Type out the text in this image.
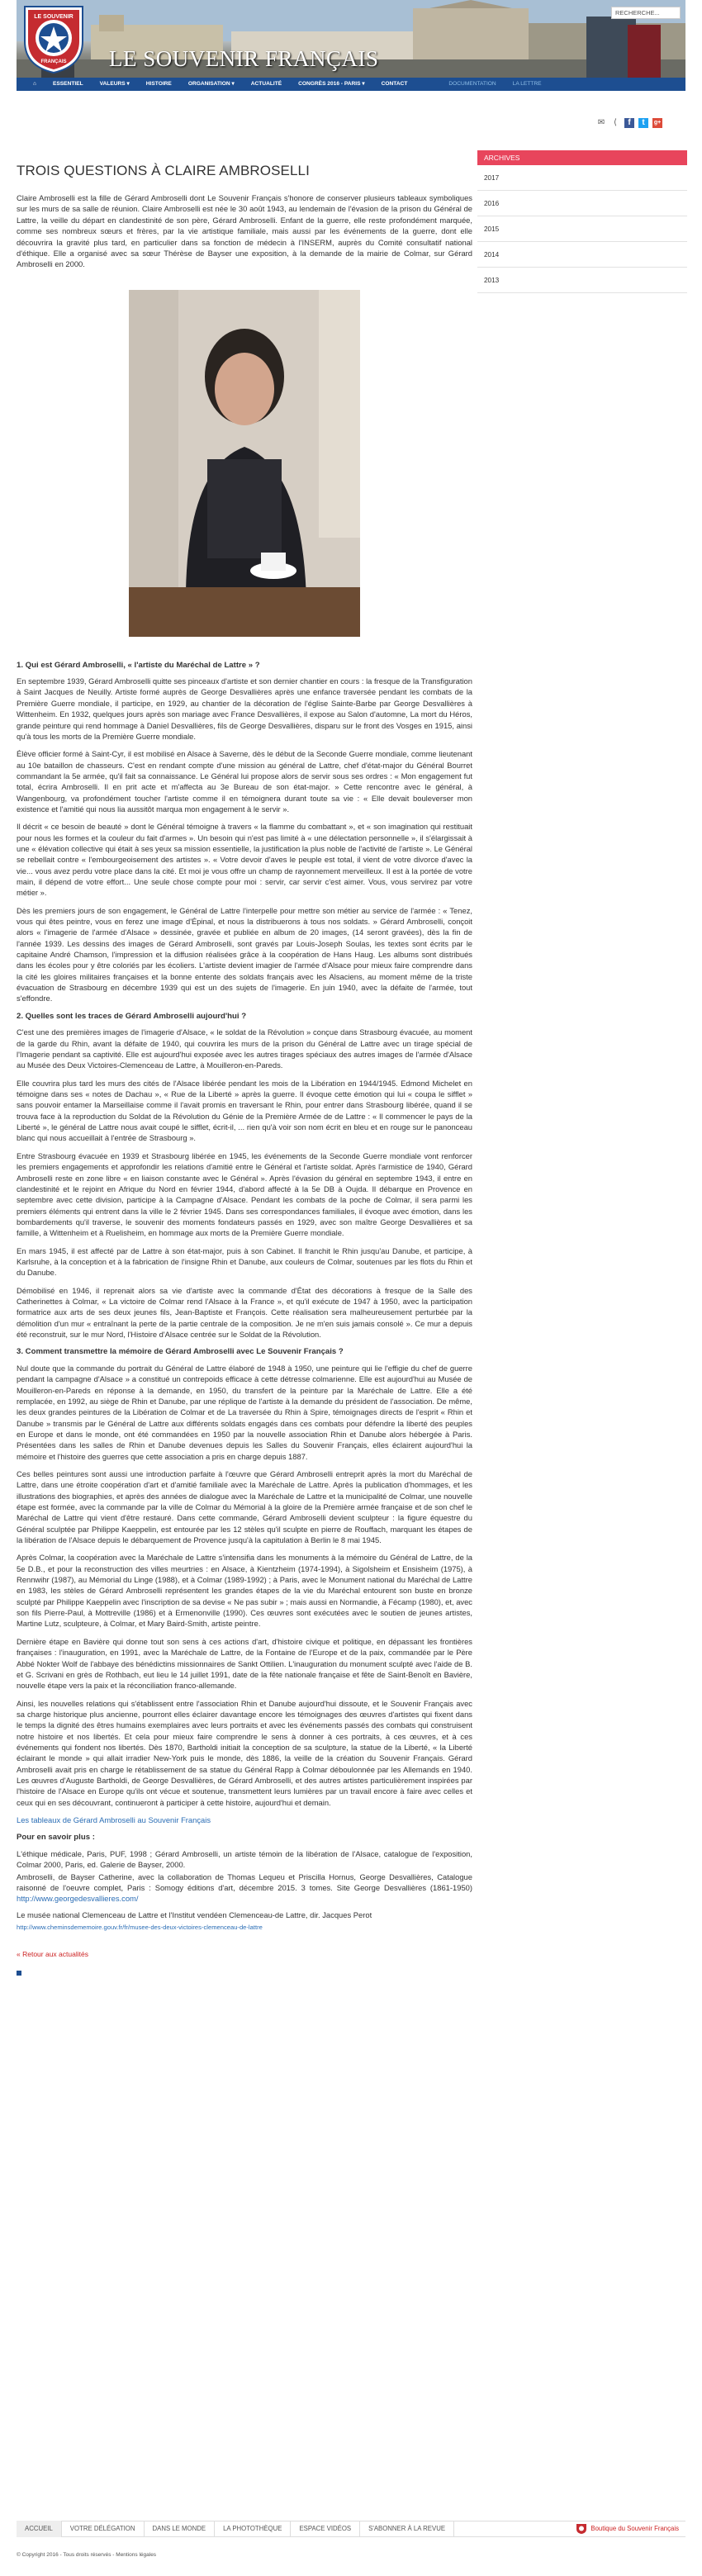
LE SOUVENIR
FRANÇAIS LE SOUVENIR FRANÇAIS
RECHERCHE...
⌂	ESSENTIEL	VALEURS ▾	HISTOIRE	ORGANISATION ▾	ACTUALITÉ	CONGRÈS 2016 - PARIS ▾	CONTACT	DOCUMENTATION	LA LETTRE
✉	⟨	f	t	g+
TROIS QUESTIONS À CLAIRE AMBROSELLI

Claire Ambroselli est la fille de Gérard Ambroselli dont Le Souvenir Français s'honore de conserver plusieurs tableaux symboliques sur les murs de sa salle de réunion. Claire Ambroselli est née le 30 août 1943, au lendemain de l'évasion de la prison du Général de Lattre, la veille du départ en clandestinité de son père, Gérard Ambroselli. Enfant de la guerre, elle reste profondément marquée, comme ses nombreux sœurs et frères, par la vie artistique familiale, mais aussi par les événements de la guerre, dont elle découvrira la gravité plus tard, en particulier dans sa fonction de médecin à l'INSERM, auprès du Comité consultatif national d'éthique. Elle a organisé avec sa sœur Thérèse de Bayser une exposition, à la demande de la mairie de Colmar, sur Gérard Ambroselli en 2000.

1. Qui est Gérard Ambroselli, « l'artiste du Maréchal de Lattre » ?

En septembre 1939, Gérard Ambroselli quitte ses pinceaux d'artiste et son dernier chantier en cours : la fresque de la Transfiguration à Saint Jacques de Neuilly. Artiste formé auprès de George Desvallières après une enfance traversée pendant les combats de la Première Guerre mondiale, il participe, en 1929, au chantier de la décoration de l'église Sainte-Barbe par George Desvallières à Wittenheim. En 1932, quelques jours après son mariage avec France Desvallières, il expose au Salon d'automne, La mort du Héros, grande peinture qui rend hommage à Daniel Desvallières, fils de George Desvallières, disparu sur le front des Vosges en 1915, ainsi qu'à tous les morts de la Première Guerre mondiale.

Élève officier formé à Saint-Cyr, il est mobilisé en Alsace à Saverne, dès le début de la Seconde Guerre mondiale, comme lieutenant au 10e bataillon de chasseurs. C'est en rendant compte d'une mission au général de Lattre, chef d'état-major du Général Bourret commandant la 5e armée, qu'il fait sa connaissance. Le Général lui propose alors de servir sous ses ordres : « Mon engagement fut total, écrira Ambroselli. Il en prit acte et m'affecta au 3e Bureau de son état-major. » Cette rencontre avec le général, à Wangenbourg, va profondément toucher l'artiste comme il en témoignera durant toute sa vie : « Elle devait bouleverser mon existence et l'amitié qui nous lia aussitôt marqua mon engagement à le servir ».

Il décrit « ce besoin de beauté » dont le Général témoigne à travers « la flamme du combattant », et « son imagination qui restituait pour nous les formes et la couleur du fait d'armes ». Un besoin qui n'est pas limité à « une délectation personnelle », il s'élargissait à une « élévation collective qui était à ses yeux sa mission essentielle, la justification la plus noble de l'activité de l'artiste ». Le Général se rebellait contre « l'embourgeoisement des artistes ». « Votre devoir d'aves le peuple est total, il vient de votre divorce d'avec la vie... vous avez perdu votre place dans la cité. Et moi je vous offre un champ de rayonnement merveilleux. Il est à la portée de votre main, il dépend de votre effort... Une seule chose compte pour moi : servir, car servir c'est aimer. Vous, vous servirez par votre métier ».

Dès les premiers jours de son engagement, le Général de Lattre l'interpelle pour mettre son métier au service de l'armée : « Tenez, vous qui êtes peintre, vous en ferez une image d'Épinal, et nous la distribuerons à tous nos soldats. » Gérard Ambroselli, conçoit alors « l'imagerie de l'armée d'Alsace » dessinée, gravée et publiée en album de 20 images, (14 seront gravées), dès la fin de l'année 1939. Les dessins des images de Gérard Ambroselli, sont gravés par Louis-Joseph Soulas, les textes sont écrits par le capitaine André Chamson, l'impression et la diffusion réalisées grâce à la coopération de Hans Haug. Les albums sont distribués dans les écoles pour y être coloriés par les écoliers. L'artiste devient imagier de l'armée d'Alsace pour mieux faire comprendre dans la cité les gloires militaires françaises et la bonne entente des soldats français avec les Alsaciens, au moment même de la triste évacuation de Strasbourg en décembre 1939 qui est un des sujets de l'imagerie. En juin 1940, avec la défaite de l'armée, tout s'effondre.

2. Quelles sont les traces de Gérard Ambroselli aujourd'hui ?

C'est une des premières images de l'imagerie d'Alsace, « le soldat de la Révolution » conçue dans Strasbourg évacuée, au moment de la garde du Rhin, avant la défaite de 1940, qui couvrira les murs de la prison du Général de Lattre avec un tirage spécial de l'Imagerie pendant sa captivité. Elle est aujourd'hui exposée avec les autres tirages spéciaux des autres images de l'armée d'Alsace au Musée des Deux Victoires-Clemenceau de Lattre, à Mouilleron-en-Pareds.

Elle couvrira plus tard les murs des cités de l'Alsace libérée pendant les mois de la Libération en 1944/1945. Edmond Michelet en témoigne dans ses « notes de Dachau », « Rue de la Liberté » après la guerre. Il évoque cette émotion qui lui « coupa le sifflet » sans pouvoir entamer la Marseillaise comme il l'avait promis en traversant le Rhin, pour entrer dans Strasbourg libérée, quand il se trouva face à la reproduction du Soldat de la Révolution du Génie de la Première Armée de de Lattre : « Il commencer le pays de la Liberté », le général de Lattre nous avait coupé le sifflet, écrit-il, ... rien qu'à voir son nom écrit en bleu et en rouge sur le panonceau blanc qui nous accueillait à l'entrée de Strasbourg ».

Entre Strasbourg évacuée en 1939 et Strasbourg libérée en 1945, les événements de la Seconde Guerre mondiale vont renforcer les premiers engagements et approfondir les relations d'amitié entre le Général et l'artiste soldat. Après l'armistice de 1940, Gérard Ambroselli reste en zone libre « en liaison constante avec le Général ». Après l'évasion du général en septembre 1943, il entre en clandestinité et le rejoint en Afrique du Nord en février 1944, d'abord affecté à la 5e DB à Oujda. Il débarque en Provence en septembre avec cette division, participe à la Campagne d'Alsace. Pendant les combats de la poche de Colmar, il sera parmi les premiers éléments qui entrent dans la ville le 2 février 1945. Dans ses correspondances familiales, il évoque avec émotion, dans les bombardements qu'il traverse, le souvenir des moments fondateurs passés en 1929, avec son maître George Desvallières et sa famille, à Wittenheim et à Ruelisheim, en hommage aux morts de la Première Guerre mondiale.

En mars 1945, il est affecté par de Lattre à son état-major, puis à son Cabinet. Il franchit le Rhin jusqu'au Danube, et participe, à Karlsruhe, à la conception et à la fabrication de l'insigne Rhin et Danube, aux couleurs de Colmar, soutenues par les flots du Rhin et du Danube.

Démobilisé en 1946, il reprenait alors sa vie d'artiste avec la commande d'État des décorations à fresque de la Salle des Catherinettes à Colmar, « La victoire de Colmar rend l'Alsace à la France », et qu'il exécute de 1947 à 1950, avec la participation formatrice aux arts de ses deux jeunes fils, Jean-Baptiste et François. Cette réalisation sera malheureusement perturbée par la démolition d'un mur « entraînant la perte de la partie centrale de la composition. Je ne m'en suis jamais consolé ». Ce mur a depuis été reconstruit, sur le mur Nord, l'Histoire d'Alsace centrée sur le Soldat de la Révolution.

3. Comment transmettre la mémoire de Gérard Ambroselli avec Le Souvenir Français ?

Nul doute que la commande du portrait du Général de Lattre élaboré de 1948 à 1950, une peinture qui lie l'effigie du chef de guerre pendant la campagne d'Alsace » a constitué un contrepoids efficace à cette détresse colmarienne. Elle est aujourd'hui au Musée de Mouilleron-en-Pareds en réponse à la demande, en 1950, du transfert de la peinture par la Maréchale de Lattre. Elle a été remplacée, en 1992, au siège de Rhin et Danube, par une réplique de l'artiste à la demande du président de l'association. De même, les deux grandes peintures de la Libération de Colmar et de La traversée du Rhin à Spire, témoignages directs de l'esprit « Rhin et Danube » transmis par le Général de Lattre aux différents soldats engagés dans ces combats pour défendre la liberté des peuples en Europe et dans le monde, ont été commandées en 1950 par la nouvelle association Rhin et Danube alors hébergée à Paris. Présentées dans les salles de Rhin et Danube devenues depuis les Salles du Souvenir Français, elles éclairent aujourd'hui la mémoire et l'histoire des guerres que cette association a pris en charge depuis 1887.

Ces belles peintures sont aussi une introduction parfaite à l'œuvre que Gérard Ambroselli entreprit après la mort du Maréchal de Lattre, dans une étroite coopération d'art et d'amitié familiale avec la Maréchale de Lattre. Après la publication d'hommages, et les illustrations des biographies, et après des années de dialogue avec la Maréchale de Lattre et la municipalité de Colmar, une nouvelle étape est formée, avec la commande par la ville de Colmar du Mémorial à la gloire de la Première armée française et de son chef le Maréchal de Lattre qui vient d'être restauré. Dans cette commande, Gérard Ambroselli devient sculpteur : la figure équestre du Général sculptée par Philippe Kaeppelin, est entourée par les 12 stèles qu'il sculpte en pierre de Rouffach, marquant les étapes de la libération de l'Alsace depuis le débarquement de Provence jusqu'à la capitulation à Berlin le 8 mai 1945.

Après Colmar, la coopération avec la Maréchale de Lattre s'intensifia dans les monuments à la mémoire du Général de Lattre, de la 5e D.B., et pour la reconstruction des villes meurtries : en Alsace, à Kientzheim (1974-1994), à Sigolsheim et Ensisheim (1975), à Rennwihr (1987), au Mémorial du Linge (1988), et à Colmar (1989-1992) ; à Paris, avec le Monument national du Maréchal de Lattre en 1983, les stèles de Gérard Ambroselli représentent les grandes étapes de la vie du Maréchal entourent son buste en bronze sculpté par Philippe Kaeppelin avec l'inscription de sa devise « Ne pas subir » ; mais aussi en Normandie, à Fécamp (1980), et, avec son fils Pierre-Paul, à Mottreville (1986) et à Ermenonville (1990). Ces œuvres sont exécutées avec le soutien de jeunes artistes, Martine Lutz, sculpteure, à Colmar, et Mary Baird-Smith, artiste peintre.

Dernière étape en Bavière qui donne tout son sens à ces actions d'art, d'histoire civique et politique, en dépassant les frontières françaises : l'inauguration, en 1991, avec la Maréchale de Lattre, de la Fontaine de l'Europe et de la paix, commandée par le Père Abbé Nokter Wolf de l'abbaye des bénédictins missionnaires de Sankt Ottilien. L'inauguration du monument sculpté avec l'aide de B. et G. Scrivani en grès de Rothbach, eut lieu le 14 juillet 1991, date de la fête nationale française et fête de Saint-Benoît en Bavière, nouvelle étape vers la paix et la réconciliation franco-allemande.

Ainsi, les nouvelles relations qui s'établissent entre l'association Rhin et Danube aujourd'hui dissoute, et le Souvenir Français avec sa charge historique plus ancienne, pourront elles éclairer davantage encore les témoignages des œuvres d'artistes qui fixent dans le temps la dignité des êtres humains exemplaires avec leurs portraits et avec les événements passés des combats qui construisent notre histoire et nos libertés. Et cela pour mieux faire comprendre le sens à donner à ces portraits, à ces œuvres, et à ces événements qui fondent nos libertés. Dès 1870, Bartholdi initiait la conception de sa sculpture, la statue de la Liberté, « la Liberté éclairant le monde » qui allait irradier New-York puis le monde, dès 1886, la veille de la création du Souvenir Français. Gérard Ambroselli avait pris en charge le rétablissement de sa statue du Général Rapp à Colmar déboulonnée par les Allemands en 1940. Les œuvres d'Auguste Bartholdi, de George Desvallières, de Gérard Ambroselli, et des autres artistes particulièrement inspirées par l'histoire de l'Alsace en Europe qu'ils ont vécue et soutenue, transmettent leurs lumières par un travail encore à faire avec celles et ceux qui en ses découvrant, continueront à participer à cette histoire, aujourd'hui et demain.

Les tableaux de Gérard Ambroselli au Souvenir Français

Pour en savoir plus :

L'éthique médicale, Paris, PUF, 1998 ; Gérard Ambroselli, un artiste témoin de la libération de l'Alsace, catalogue de l'exposition, Colmar 2000, Paris, ed. Galerie de Bayser, 2000.

Ambroselli, de Bayser Catherine, avec la collaboration de Thomas Lequeu et Priscilla Hornus, George Desvallières, Catalogue raisonné de l'oeuvre complet, Paris : Somogy éditions d'art, décembre 2015. 3 tomes. Site George Desvallières (1861-1950) http://www.georgedesvallieres.com/

Le musée national Clemenceau de Lattre et l'Institut vendéen Clemenceau-de Lattre, dir. Jacques Perot

http://www.cheminsdememoire.gouv.fr/fr/musee-des-deux-victoires-clemenceau-de-lattre

« Retour aux actualités
ARCHIVES
2017
2016
2015
2014
2013
ACCUEIL	VOTRE DÉLÉGATION	DANS LE MONDE	LA PHOTOTHÈQUE	ESPACE VIDÉOS	S'ABONNER À LA REVUE	Boutique du Souvenir Français
© Copyright 2016 - Tous droits réservés - Mentions légales
